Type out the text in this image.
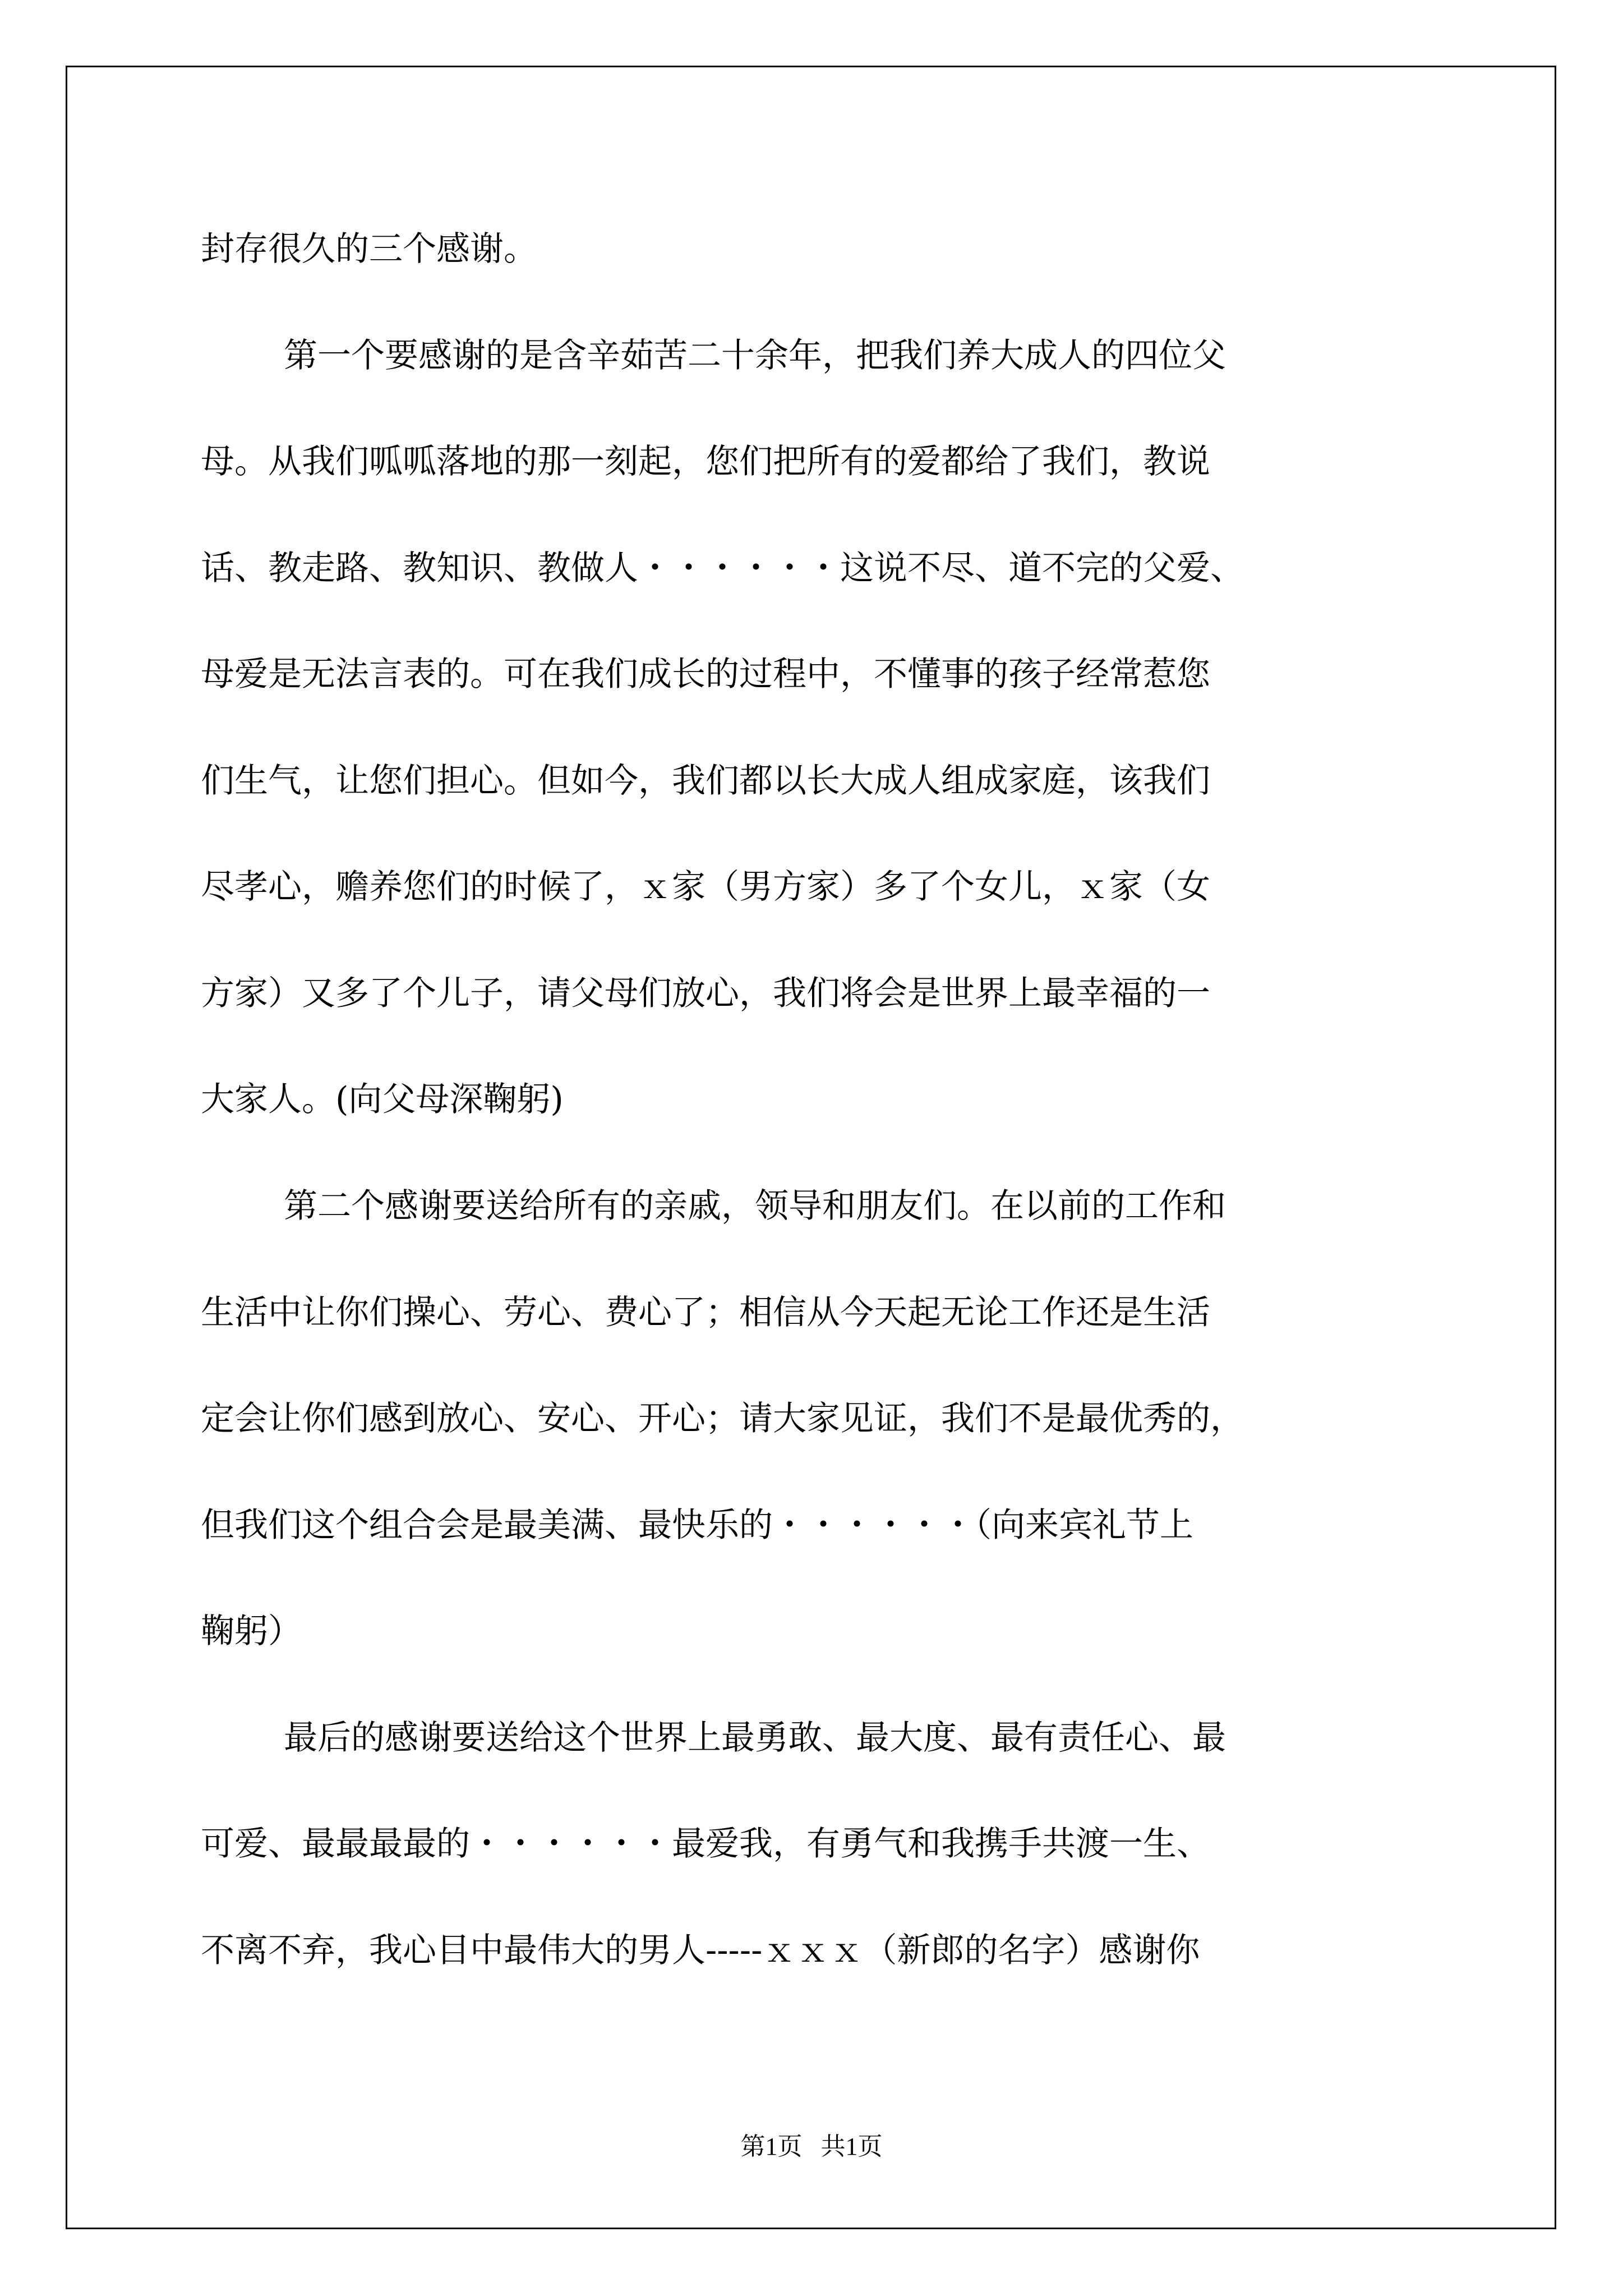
封存很久的三个感谢。
第一个要感谢的是含辛茹苦二十余年，把我们养大成人的四位父
母。从我们呱呱落地的那一刻起，您们把所有的爱都给了我们，教说
话、教走路、教知识、教做人・・・・・・这说不尽、道不完的父爱、
母爱是无法言表的。可在我们成长的过程中，不懂事的孩子经常惹您
们生气，让您们担心。但如今，我们都以长大成人组成家庭，该我们
尽孝心，赡养您们的时候了，ｘ家（男方家）多了个女儿，ｘ家（女
方家）又多了个儿子，请父母们放心，我们将会是世界上最幸福的一
大家人。(向父母深鞠躬)
第二个感谢要送给所有的亲戚，领导和朋友们。在以前的工作和
生活中让你们操心、劳心、费心了；相信从今天起无论工作还是生活
定会让你们感到放心、安心、开心；请大家见证，我们不是最优秀的，
但我们这个组合会是最美满、最快乐的・・・・・・（向来宾礼节上
鞠躬）
最后的感谢要送给这个世界上最勇敢、最大度、最有责任心、最
可爱、最最最最的・・・・・・最爱我，有勇气和我携手共渡一生、
不离不弃，我心目中最伟大的男人-----ｘｘｘ（新郎的名字）感谢你
第1页   共1页
